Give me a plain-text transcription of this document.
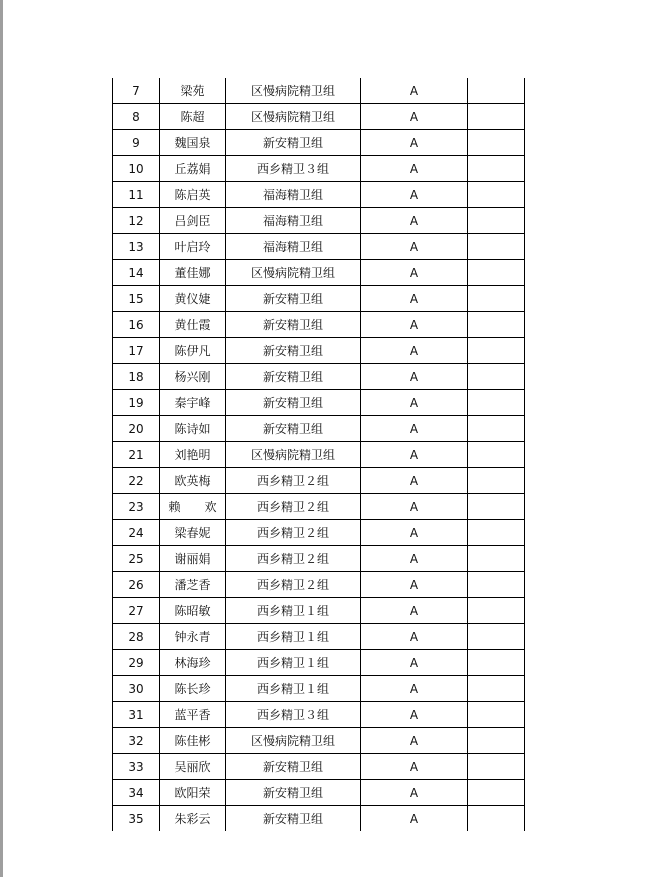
7	梁苑	区慢病院精卫组	A	
8	陈超	区慢病院精卫组	A	
9	魏国泉	新安精卫组	A	
10	丘荔娟	西乡精卫３组	A	
11	陈启英	福海精卫组	A	
12	吕剑臣	福海精卫组	A	
13	叶启玲	福海精卫组	A	
14	董佳娜	区慢病院精卫组	A	
15	黄仪婕	新安精卫组	A	
16	黄仕霞	新安精卫组	A	
17	陈伊凡	新安精卫组	A	
18	杨兴刚	新安精卫组	A	
19	秦宇峰	新安精卫组	A	
20	陈诗如	新安精卫组	A	
21	刘艳明	区慢病院精卫组	A	
22	欧英梅	西乡精卫２组	A	
23	赖　　欢	西乡精卫２组	A	
24	梁春妮	西乡精卫２组	A	
25	谢丽娟	西乡精卫２组	A	
26	潘芝香	西乡精卫２组	A	
27	陈昭敏	西乡精卫１组	A	
28	钟永青	西乡精卫１组	A	
29	林海珍	西乡精卫１组	A	
30	陈长珍	西乡精卫１组	A	
31	蓝平香	西乡精卫３组	A	
32	陈佳彬	区慢病院精卫组	A	
33	吴丽欣	新安精卫组	A	
34	欧阳荣	新安精卫组	A	
35	朱彩云	新安精卫组	A	
